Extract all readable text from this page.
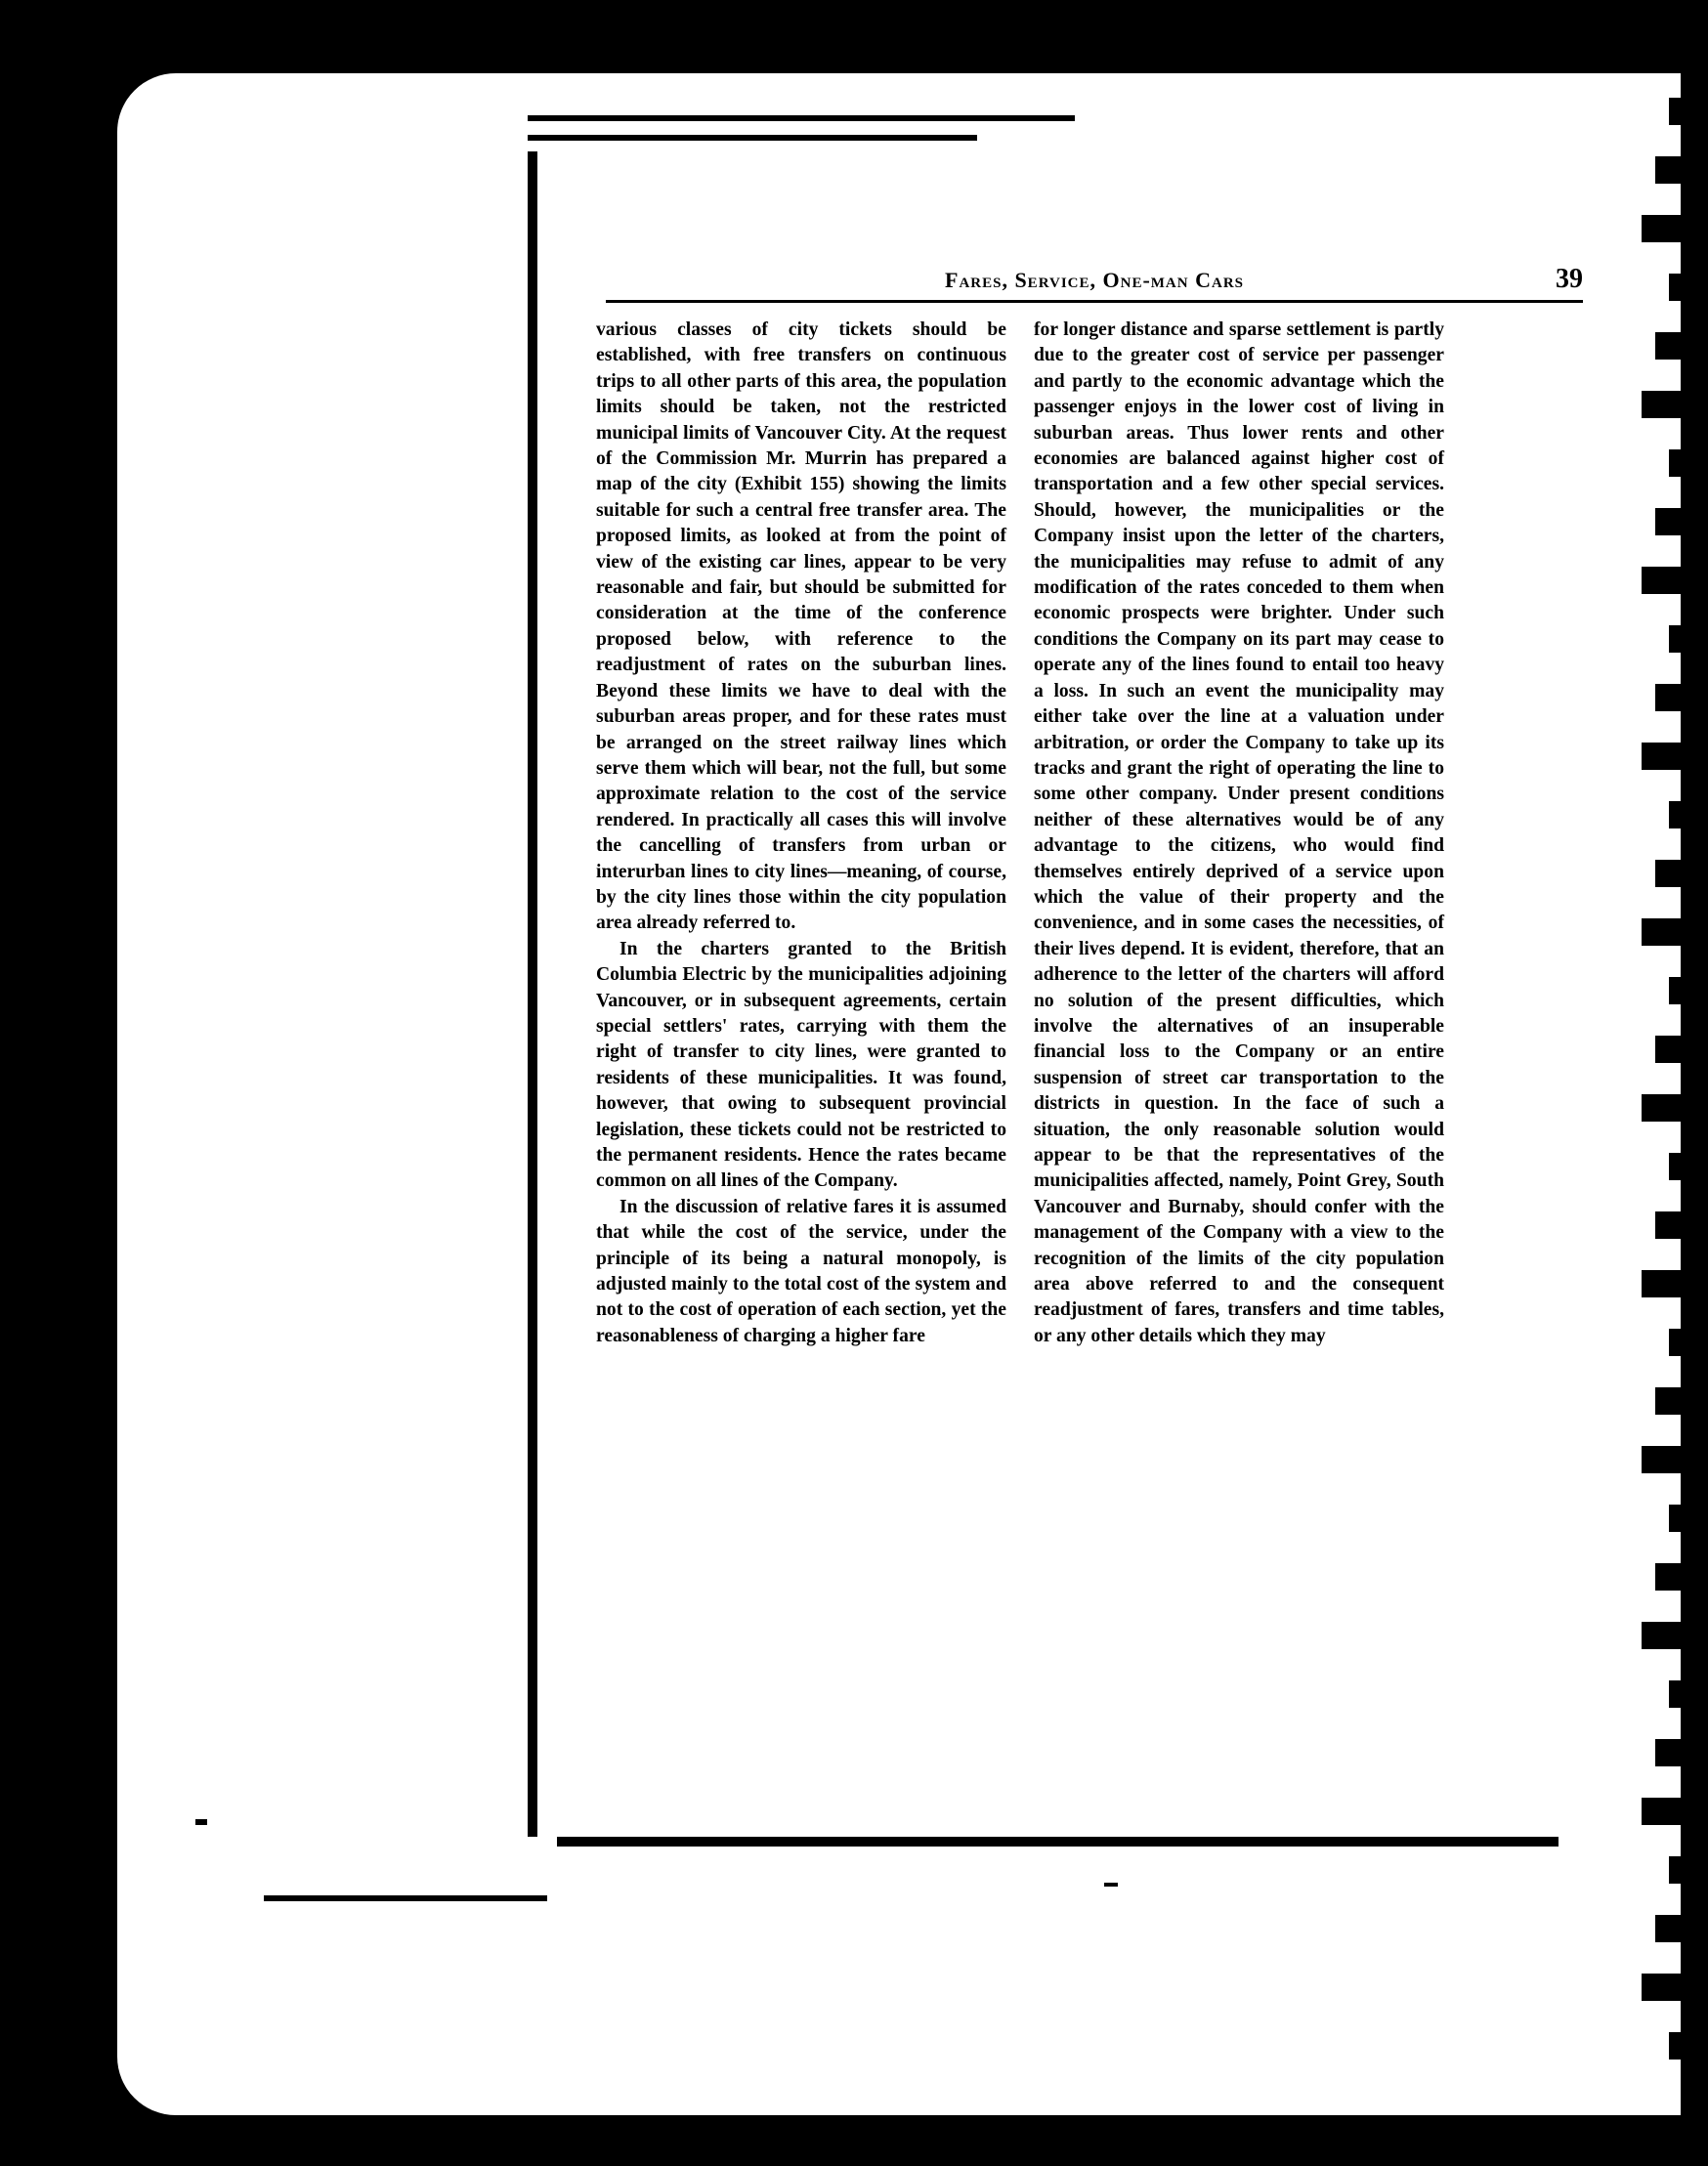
Fares, Service, One-man Cars	39

various classes of city tickets should be established, with free transfers on continuous trips to all other parts of this area, the population limits should be taken, not the restricted municipal limits of Vancouver City. At the request of the Commission Mr. Murrin has prepared a map of the city (Exhibit 155) showing the limits suitable for such a central free transfer area. The proposed limits, as looked at from the point of view of the existing car lines, appear to be very reasonable and fair, but should be submitted for consideration at the time of the conference proposed below, with reference to the readjustment of rates on the suburban lines. Beyond these limits we have to deal with the suburban areas proper, and for these rates must be arranged on the street railway lines which serve them which will bear, not the full, but some approximate relation to the cost of the service rendered. In practically all cases this will involve the cancelling of transfers from urban or interurban lines to city lines—meaning, of course, by the city lines those within the city population area already referred to.

In the charters granted to the British Columbia Electric by the municipalities adjoining Vancouver, or in subsequent agreements, certain special settlers' rates, carrying with them the right of transfer to city lines, were granted to residents of these municipalities. It was found, however, that owing to subsequent provincial legislation, these tickets could not be restricted to the permanent residents. Hence the rates became common on all lines of the Company.

In the discussion of relative fares it is assumed that while the cost of the service, under the principle of its being a natural monopoly, is adjusted mainly to the total cost of the system and not to the cost of operation of each section, yet the reasonableness of charging a higher fare

for longer distance and sparse settlement is partly due to the greater cost of service per passenger and partly to the economic advantage which the passenger enjoys in the lower cost of living in suburban areas. Thus lower rents and other economies are balanced against higher cost of transportation and a few other special services. Should, however, the municipalities or the Company insist upon the letter of the charters, the municipalities may refuse to admit of any modification of the rates conceded to them when economic prospects were brighter. Under such conditions the Company on its part may cease to operate any of the lines found to entail too heavy a loss. In such an event the municipality may either take over the line at a valuation under arbitration, or order the Company to take up its tracks and grant the right of operating the line to some other company. Under present conditions neither of these alternatives would be of any advantage to the citizens, who would find themselves entirely deprived of a service upon which the value of their property and the convenience, and in some cases the necessities, of their lives depend. It is evident, therefore, that an adherence to the letter of the charters will afford no solution of the present difficulties, which involve the alternatives of an insuperable financial loss to the Company or an entire suspension of street car transportation to the districts in question. In the face of such a situation, the only reasonable solution would appear to be that the representatives of the municipalities affected, namely, Point Grey, South Vancouver and Burnaby, should confer with the management of the Company with a view to the recognition of the limits of the city population area above referred to and the consequent readjustment of fares, transfers and time tables, or any other details which they may
